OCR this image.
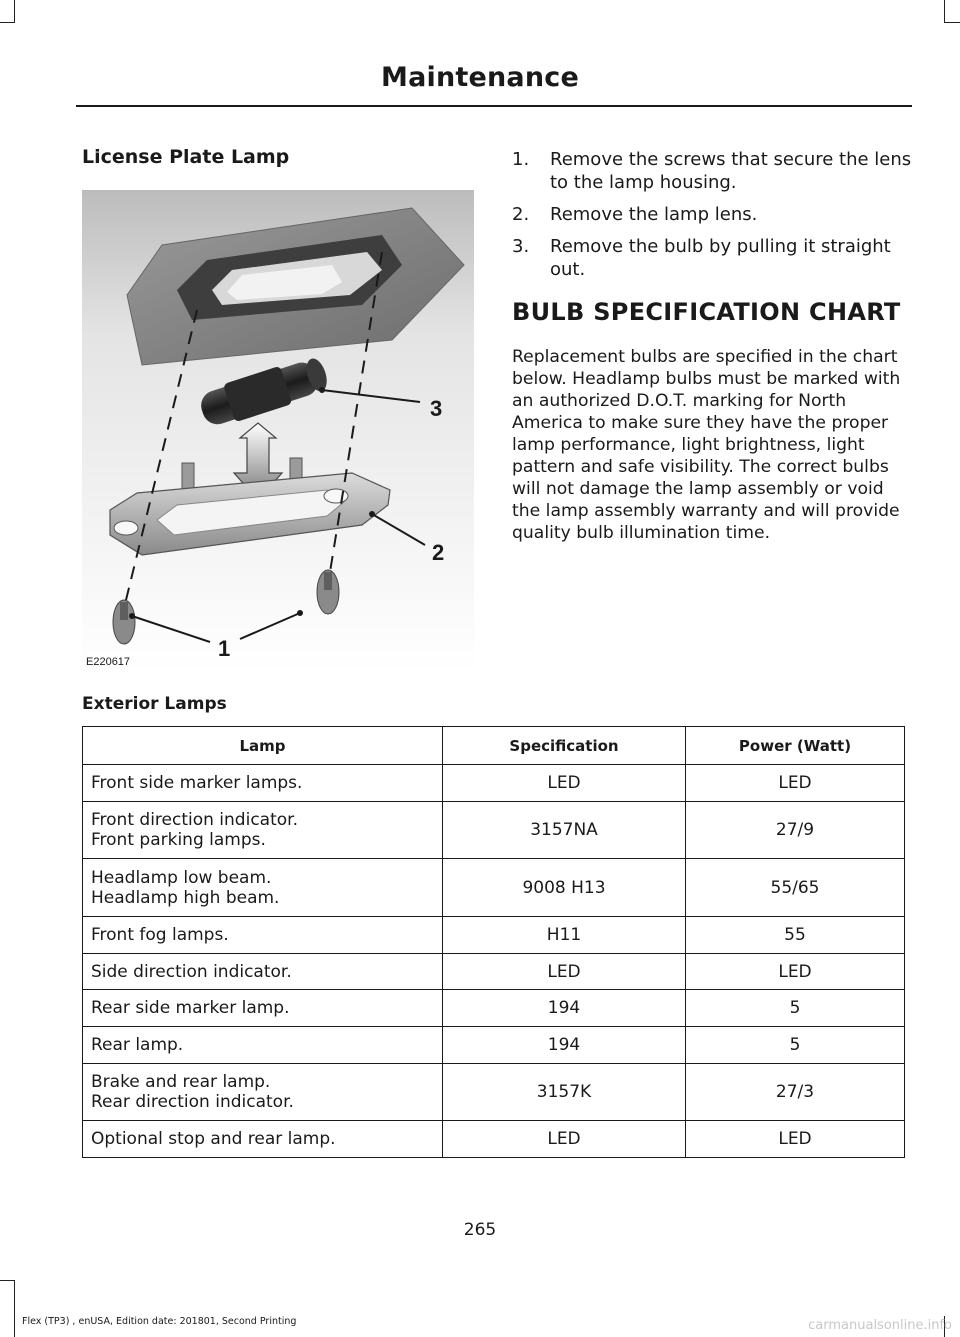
Maintenance
License Plate Lamp
1
2
3
E220617
1. Remove the screws that secure the lens to the lamp housing.
2. Remove the lamp lens.
3. Remove the bulb by pulling it straight out.
BULB SPECIFICATION CHART

Replacement bulbs are specified in the chart below. Headlamp bulbs must be marked with an authorized D.O.T. marking for North America to make sure they have the proper lamp performance, light brightness, light pattern and safe visibility. The correct bulbs will not damage the lamp assembly or void the lamp assembly warranty and will provide quality bulb illumination time.

Exterior Lamps
Lamp	Specification	Power (Watt)

Front side marker lamps.	LED	LED

Front direction indicator.
Front parking lamps.	3157NA	27/9

Headlamp low beam.
Headlamp high beam.	9008 H13	55/65

Front fog lamps.	H11	55

Side direction indicator.	LED	LED

Rear side marker lamp.	194	5

Rear lamp.	194	5

Brake and rear lamp.
Rear direction indicator.	3157K	27/3

Optional stop and rear lamp.	LED	LED
265
Flex (TP3) , enUSA, Edition date: 201801, Second Printing	carmanualsonline.info
